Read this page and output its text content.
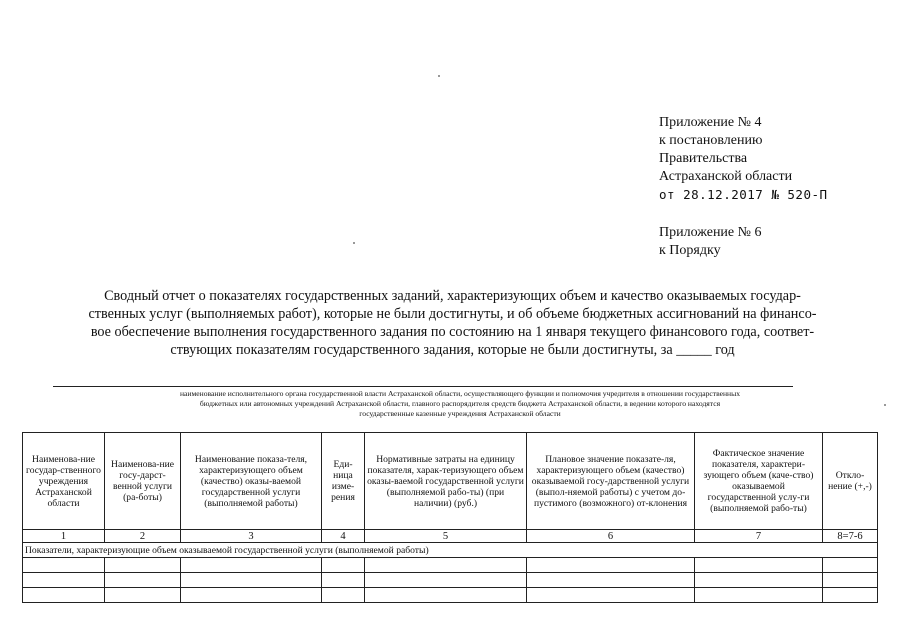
Приложение № 4
к постановлению
Правительства
Астраханской области
от 28.12.2017 № 520-П
Приложение № 6
к Порядку
Сводный отчет о показателях государственных заданий, характеризующих объем и качество оказываемых государ-
ственных услуг (выполняемых работ), которые не были достигнуты, и об объеме бюджетных ассигнований на финансо-
вое обеспечение выполнения государственного задания по состоянию на 1 января текущего финансового года, соответ-
ствующих показателям государственного задания, которые не были достигнуты, за _____ год
наименование исполнительного органа государственной власти Астраханской области, осуществляющего функции и полномочия учредителя в отношении государственных
бюджетных или автономных учреждений Астраханской области, главного распорядителя средств бюджета Астраханской области, в ведении которого находятся
государственные казенные учреждения Астраханской области
Наименова-ние государ-ственного учреждения Астраханской области	Наименова-ние госу-дарст-венной услуги (ра-боты)	Наименование показа-теля, характеризующего объем (качество) оказы-ваемой государственной услуги (выполняемой работы)	Еди-ница изме-рения	Нормативные затраты на единицу показателя, харак-теризующего объем оказы-ваемой государственной услуги (выполняемой рабо-ты) (при наличии) (руб.)	Плановое значение показате-ля, характеризующего объем (качество) оказываемой госу-дарственной услуги (выпол-няемой работы) с учетом до-пустимого (возможного) от-клонения	Фактическое значение показателя, характери-зующего объем (каче-ство) оказываемой государственной услу-ги (выполняемой рабо-ты)	Откло-нение (+,-)
1	2	3	4	5	6	7	8=7-6
Показатели, характеризующие объем оказываемой государственной услуги (выполняемой работы)							
